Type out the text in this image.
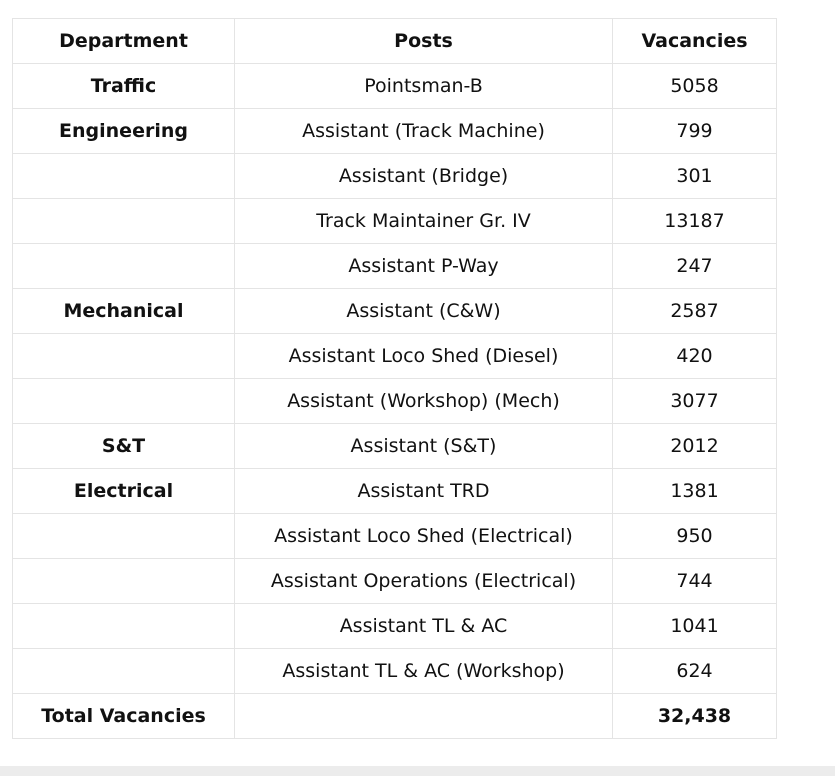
Department	Posts	Vacancies
Traffic	Pointsman-B	5058
Engineering	Assistant (Track Machine)	799
	Assistant (Bridge)	301
	Track Maintainer Gr. IV	13187
	Assistant P-Way	247
Mechanical	Assistant (C&W)	2587
	Assistant Loco Shed (Diesel)	420
	Assistant (Workshop) (Mech)	3077
S&T	Assistant (S&T)	2012
Electrical	Assistant TRD	1381
	Assistant Loco Shed (Electrical)	950
	Assistant Operations (Electrical)	744
	Assistant TL & AC	1041
	Assistant TL & AC (Workshop)	624
Total Vacancies		32,438
